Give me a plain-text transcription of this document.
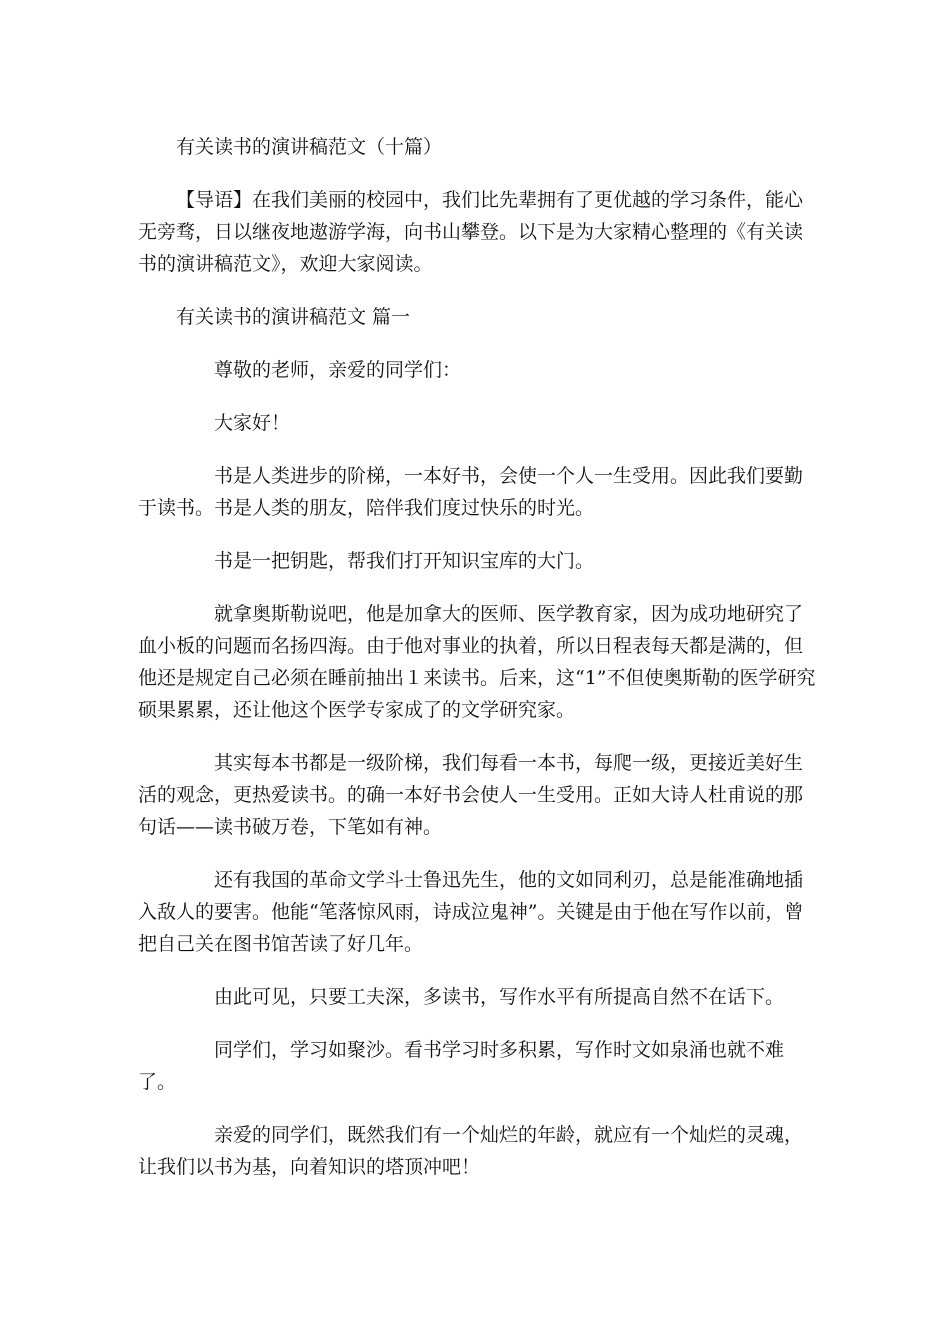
有关读书的演讲稿范文（十篇）

【导语】在我们美丽的校园中，我们比先辈拥有了更优越的学习条件，能心无旁骛，日以继夜地遨游学海，向书山攀登。以下是为大家精心整理的《有关读书的演讲稿范文》，欢迎大家阅读。

有关读书的演讲稿范文 篇一

尊敬的老师，亲爱的同学们：

大家好！

书是人类进步的阶梯，一本好书，会使一个人一生受用。因此我们要勤于读书。书是人类的朋友，陪伴我们度过快乐的时光。

书是一把钥匙，帮我们打开知识宝库的大门。

就拿奥斯勒说吧，他是加拿大的医师、医学教育家，因为成功地研究了血小板的问题而名扬四海。由于他对事业的执着，所以日程表每天都是满的，但他还是规定自己必须在睡前抽出１来读书。后来，这“1”不但使奥斯勒的医学研究硕果累累，还让他这个医学专家成了的文学研究家。

其实每本书都是一级阶梯，我们每看一本书，每爬一级，更接近美好生活的观念，更热爱读书。的确一本好书会使人一生受用。正如大诗人杜甫说的那句话——读书破万卷，下笔如有神。

还有我国的革命文学斗士鲁迅先生，他的文如同利刃，总是能准确地插入敌人的要害。他能“笔落惊风雨，诗成泣鬼神”。关键是由于他在写作以前，曾把自己关在图书馆苦读了好几年。

由此可见，只要工夫深，多读书，写作水平有所提高自然不在话下。

同学们，学习如聚沙。看书学习时多积累，写作时文如泉涌也就不难了。

亲爱的同学们，既然我们有一个灿烂的年龄，就应有一个灿烂的灵魂，让我们以书为基，向着知识的塔顶冲吧！
